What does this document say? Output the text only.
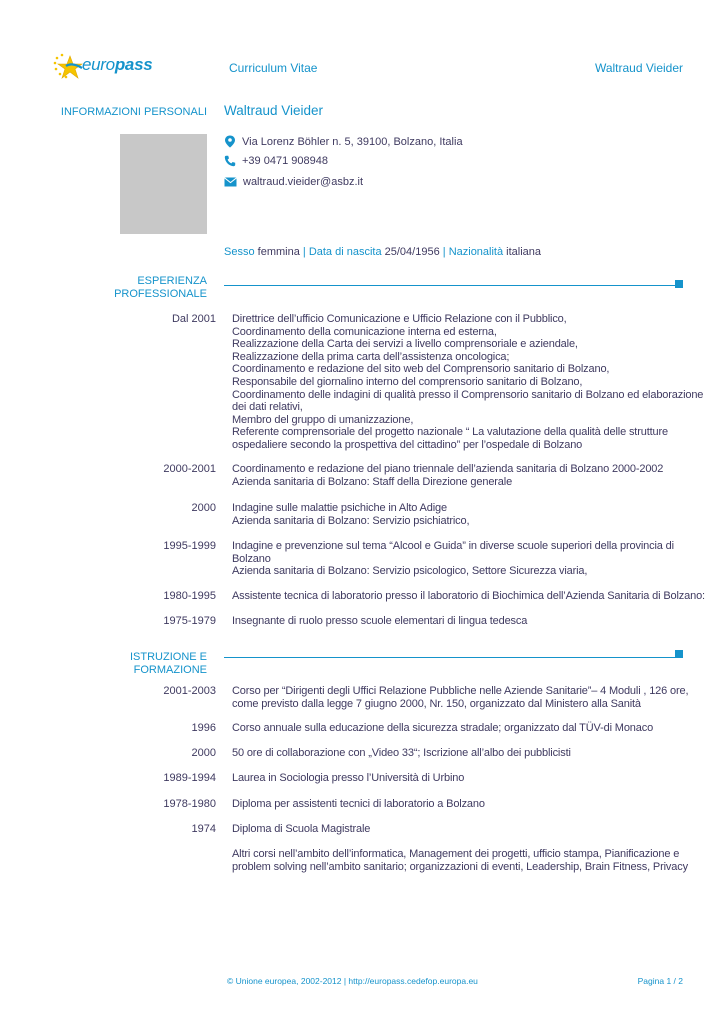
europass	Curriculum Vitae	Waltraud Vieider
INFORMAZIONI PERSONALI Waltraud Vieider
Via Lorenz Böhler n. 5, 39100, Bolzano, Italia
+39 0471 908948
waltraud.vieider@asbz.it
Sesso femmina | Data di nascita 25/04/1956 | Nazionalità italiana
ESPERIENZA
PROFESSIONALE
Dal 2001 Direttrice dell’ufficio Comunicazione e Ufficio Relazione con il Pubblico,
Coordinamento della comunicazione interna ed esterna,
Realizzazione della Carta dei servizi a livello comprensoriale e aziendale,
Realizzazione della prima carta dell’assistenza oncologica;
Coordinamento e redazione del sito web del Comprensorio sanitario di Bolzano,
Responsabile del giornalino interno del comprensorio sanitario di Bolzano,
Coordinamento delle indagini di qualità presso il Comprensorio sanitario di Bolzano ed elaborazione
dei dati relativi,
Membro del gruppo di umanizzazione,
Referente comprensoriale del progetto nazionale “ La valutazione della qualità delle strutture
ospedaliere secondo la prospettiva del cittadino” per l’ospedale di Bolzano
2000-2001 Coordinamento e redazione del piano triennale dell’azienda sanitaria di Bolzano 2000-2002
Azienda sanitaria di Bolzano: Staff della Direzione generale
2000 Indagine sulle malattie psichiche in Alto Adige
Azienda sanitaria di Bolzano: Servizio psichiatrico,
1995-1999 Indagine e prevenzione sul tema “Alcool e Guida” in diverse scuole superiori della provincia di
Bolzano
Azienda sanitaria di Bolzano: Servizio psicologico, Settore Sicurezza viaria,
1980-1995 Assistente tecnica di laboratorio presso il laboratorio di Biochimica dell’Azienda Sanitaria di Bolzano:
1975-1979 Insegnante di ruolo presso scuole elementari di lingua tedesca
ISTRUZIONE E FORMAZIONE
2001-2003 Corso per “Dirigenti degli Uffici Relazione Pubbliche nelle Aziende Sanitarie”– 4 Moduli , 126 ore,
come previsto dalla legge 7 giugno 2000, Nr. 150, organizzato dal Ministero alla Sanità
1996 Corso annuale sulla educazione della sicurezza stradale; organizzato dal TÜV-di Monaco
2000 50 ore di collaborazione con „Video 33“; Iscrizione all’albo dei pubblicisti
1989-1994 Laurea in Sociologia presso l’Università di Urbino
1978-1980 Diploma per assistenti tecnici di laboratorio a Bolzano
1974 Diploma di Scuola Magistrale
Altri corsi nell’ambito dell’informatica, Management dei progetti, ufficio stampa, Pianificazione e
problem solving nell’ambito sanitario; organizzazioni di eventi, Leadership, Brain Fitness, Privacy
© Unione europea, 2002-2012 | http://europass.cedefop.europa.eu	Pagina 1 / 2
